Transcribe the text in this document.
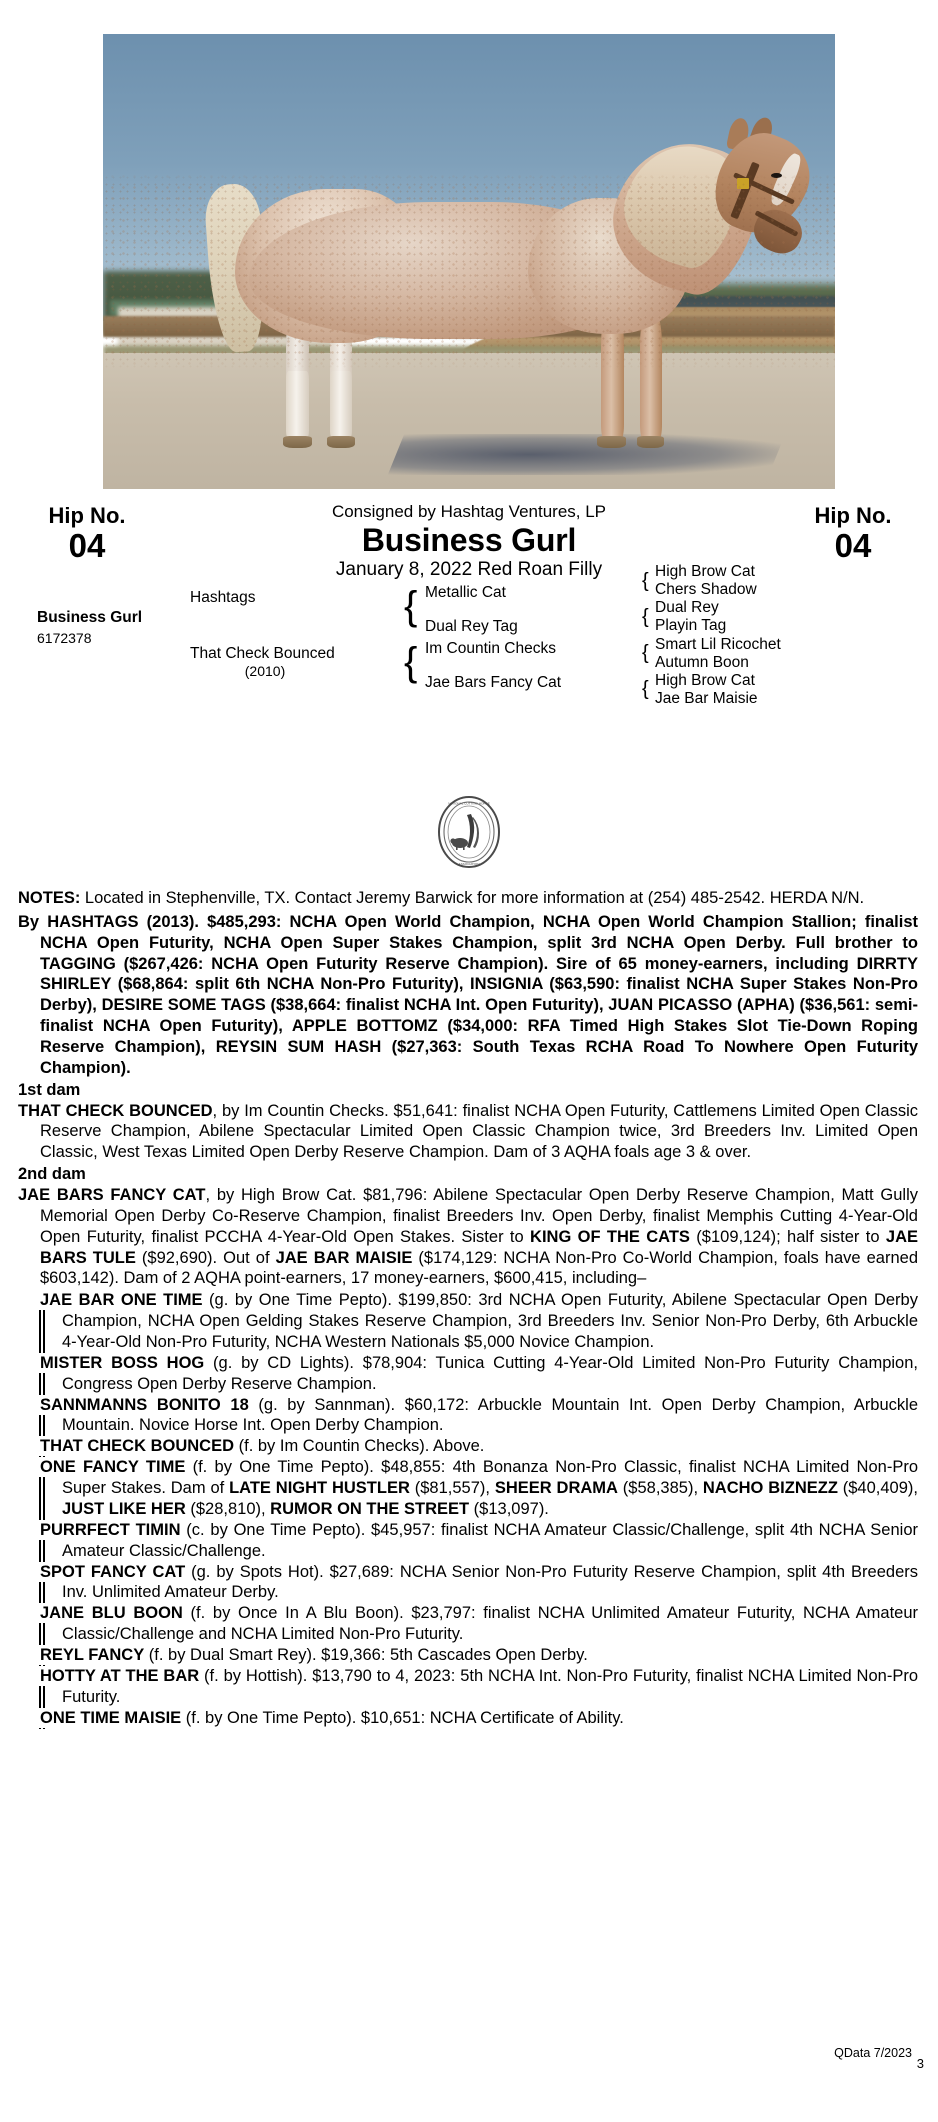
Hip No.
04
Hip No.
04
Consigned by Hashtag Ventures, LP
Business Gurl
January 8, 2022 Red Roan Filly
Business Gurl
6172378
Hashtags
That Check Bounced
(2010)
{
{
Metallic Cat
Dual Rey Tag
Im Countin Checks
Jae Bars Fancy Cat
{
{
{
{
High Brow Cat
Chers Shadow
Dual Rey
Playin Tag
Smart Lil Ricochet
Autumn Boon
High Brow Cat
Jae Bar Maisie
NATIONAL CUTTING HORSE
ASSOCIATION

NOTES: Located in Stephenville, TX. Contact Jeremy Barwick for more information at (254) 485-2542. HERDA N/N.

By HASHTAGS (2013). $485,293: NCHA Open World Champion, NCHA Open World Champion Stallion; finalist NCHA Open Futurity, NCHA Open Super Stakes Champion, split 3rd NCHA Open Derby. Full brother to TAGGING ($267,426: NCHA Open Futurity Reserve Champion). Sire of 65 money-earners, including DIRRTY SHIRLEY ($68,864: split 6th NCHA Non-Pro Futurity), INSIGNIA ($63,590: finalist NCHA Super Stakes Non-Pro Derby), DESIRE SOME TAGS ($38,664: finalist NCHA Int. Open Futurity), JUAN PICASSO (APHA) ($36,561: semi-finalist NCHA Open Futurity), APPLE BOTTOMZ ($34,000: RFA Timed High Stakes Slot Tie-Down Roping Reserve Champion), REYSIN SUM HASH ($27,363: South Texas RCHA Road To Nowhere Open Futurity Champion).

1st dam

THAT CHECK BOUNCED, by Im Countin Checks. $51,641: finalist NCHA Open Futurity, Cattlemens Limited Open Classic Reserve Champion, Abilene Spectacular Limited Open Classic Champion twice, 3rd Breeders Inv. Limited Open Classic, West Texas Limited Open Derby Reserve Champion. Dam of 3 AQHA foals age 3 & over.

2nd dam

JAE BARS FANCY CAT, by High Brow Cat. $81,796: Abilene Spectacular Open Derby Reserve Champion, Matt Gully Memorial Open Derby Co-Reserve Champion, finalist Breeders Inv. Open Derby, finalist Memphis Cutting 4-Year-Old Open Futurity, finalist PCCHA 4-Year-Old Open Stakes. Sister to KING OF THE CATS ($109,124); half sister to JAE BARS TULE ($92,690). Out of JAE BAR MAISIE ($174,129: NCHA Non-Pro Co-World Champion, foals have earned $603,142). Dam of 2 AQHA point-earners, 17 money-earners, $600,415, including–

JAE BAR ONE TIME (g. by One Time Pepto). $199,850: 3rd NCHA Open Futurity, Abilene Spectacular Open Derby Champion, NCHA Open Gelding Stakes Reserve Champion, 3rd Breeders Inv. Senior Non-Pro Derby, 6th Arbuckle 4-Year-Old Non-Pro Futurity, NCHA Western Nationals $5,000 Novice Champion.

MISTER BOSS HOG (g. by CD Lights). $78,904: Tunica Cutting 4-Year-Old Limited Non-Pro Futurity Champion, Congress Open Derby Reserve Champion.

SANNMANNS BONITO 18 (g. by Sannman). $60,172: Arbuckle Mountain Int. Open Derby Champion, Arbuckle Mountain. Novice Horse Int. Open Derby Champion.

THAT CHECK BOUNCED (f. by Im Countin Checks). Above.

ONE FANCY TIME (f. by One Time Pepto). $48,855: 4th Bonanza Non-Pro Classic, finalist NCHA Limited Non-Pro Super Stakes. Dam of LATE NIGHT HUSTLER ($81,557), SHEER DRAMA ($58,385), NACHO BIZNEZZ ($40,409), JUST LIKE HER ($28,810), RUMOR ON THE STREET ($13,097).

PURRFECT TIMIN (c. by One Time Pepto). $45,957: finalist NCHA Amateur Classic/Challenge, split 4th NCHA Senior Amateur Classic/Challenge.

SPOT FANCY CAT (g. by Spots Hot). $27,689: NCHA Senior Non-Pro Futurity Reserve Champion, split 4th Breeders Inv. Unlimited Amateur Derby.

JANE BLU BOON (f. by Once In A Blu Boon). $23,797: finalist NCHA Unlimited Amateur Futurity, NCHA Amateur Classic/Challenge and NCHA Limited Non-Pro Futurity.

REYL FANCY (f. by Dual Smart Rey). $19,366: 5th Cascades Open Derby.

HOTTY AT THE BAR (f. by Hottish). $13,790 to 4, 2023: 5th NCHA Int. Non-Pro Futurity, finalist NCHA Limited Non-Pro Futurity.

ONE TIME MAISIE (f. by One Time Pepto). $10,651: NCHA Certificate of Ability.

QData 7/2023
3
